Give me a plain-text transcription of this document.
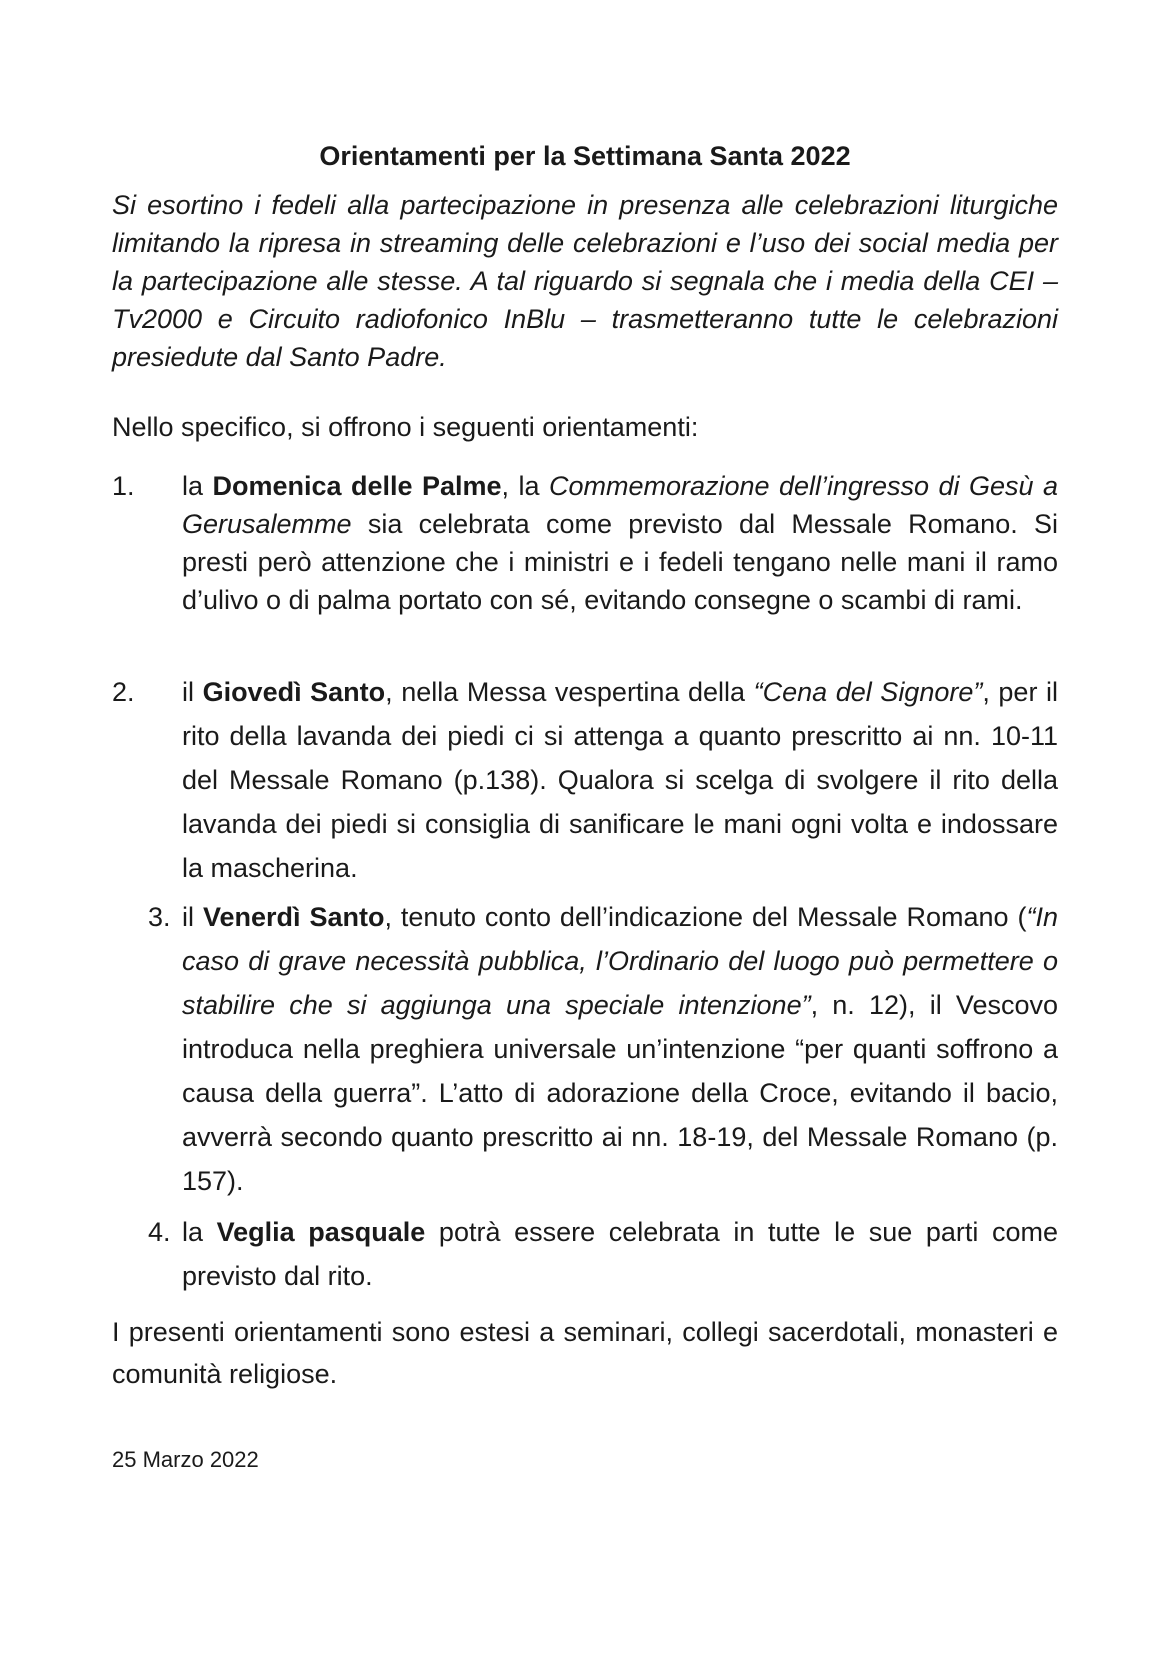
Orientamenti per la Settimana Santa 2022

Si esortino i fedeli alla partecipazione in presenza alle celebrazioni liturgiche limitando la ripresa in streaming delle celebrazioni e l’uso dei social media per la partecipazione alle stesse. A tal riguardo si segnala che i media della CEI – Tv2000 e Circuito radiofonico InBlu – trasmetteranno tutte le celebrazioni presiedute dal Santo Padre.

Nello specifico, si offrono i seguenti orientamenti:

1. la Domenica delle Palme, la Commemorazione dell’ingresso di Gesù a Gerusalemme sia celebrata come previsto dal Messale Romano. Si presti però attenzione che i ministri e i fedeli tengano nelle mani il ramo d’ulivo o di palma portato con sé, evitando consegne o scambi di rami.
2. il Giovedì Santo, nella Messa vespertina della “Cena del Signore”, per il rito della lavanda dei piedi ci si attenga a quanto prescritto ai nn. 10-11 del Messale Romano (p.138). Qualora si scelga di svolgere il rito della lavanda dei piedi si consiglia di sanificare le mani ogni volta e indossare la mascherina.
3. il Venerdì Santo, tenuto conto dell’indicazione del Messale Romano (“In caso di grave necessità pubblica, l’Ordinario del luogo può permettere o stabilire che si aggiunga una speciale intenzione”, n. 12), il Vescovo introduca nella preghiera universale un’intenzione “per quanti soffrono a causa della guerra”. L’atto di adorazione della Croce, evitando il bacio, avverrà secondo quanto prescritto ai nn. 18-19, del Messale Romano (p. 157).
4. la Veglia pasquale potrà essere celebrata in tutte le sue parti come previsto dal rito.

I presenti orientamenti sono estesi a seminari, collegi sacerdotali, monasteri e comunità religiose.

25 Marzo 2022
